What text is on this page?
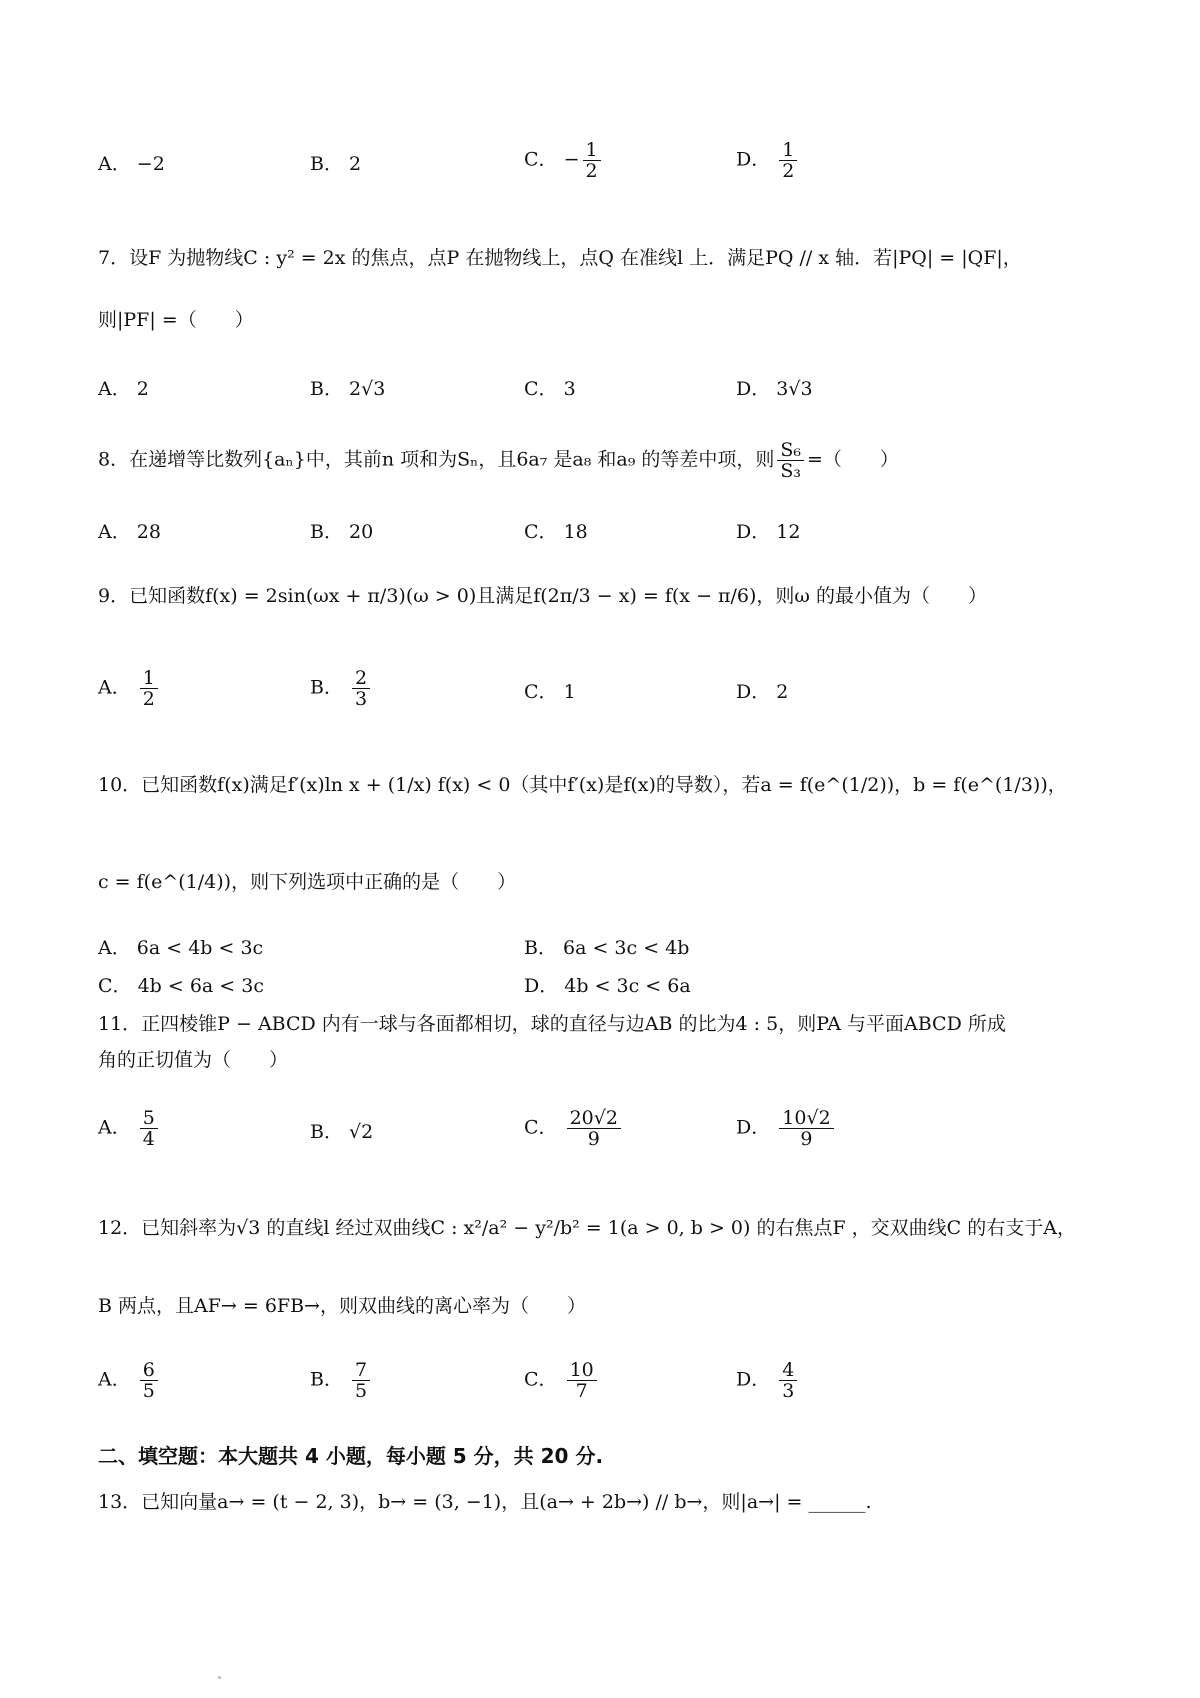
A． −2	B． 2	C． − $\frac{1}{2}$	D． $\frac{1}{2}$
7．设F 为抛物线C : y² = 2x 的焦点，点P 在抛物线上，点Q 在准线l 上．满足PQ // x 轴．若|PQ| = |QF|，
则|PF| =（　　）
A． 2	B． 2√3	C． 3	D． 3√3
8．在递增等比数列{aₙ}中，其前n 项和为Sₙ，且6a₇ 是a₈ 和a₉ 的等差中项，则 $\frac{\text{S₆}}{\text{S₃}}$ =（　　）
A． 28	B． 20	C． 18	D． 12
9．已知函数f(x) = 2sin(ωx + π/3)(ω > 0)且满足f(2π/3 − x) = f(x − π/6)，则ω 的最小值为（　　）
A． $\frac{1}{2}$	B． $\frac{2}{3}$	C． 1	D． 2
10．已知函数f(x)满足f′(x)ln x + (1/x) f(x) < 0（其中f′(x)是f(x)的导数），若a = f(e^(1/2))，b = f(e^(1/3))，
c = f(e^(1/4))，则下列选项中正确的是（　　）
A． 6a < 4b < 3c	B． 6a < 3c < 4b
C． 4b < 6a < 3c	D． 4b < 3c < 6a
11．正四棱锥P − ABCD 内有一球与各面都相切，球的直径与边AB 的比为4 : 5，则PA 与平面ABCD 所成
角的正切值为（　　）
A． $\frac{5}{4}$	B． √2	C． $\frac{20√2}{9}$	D． $\frac{10√2}{9}$
12．已知斜率为√3 的直线l 经过双曲线C : x²/a² − y²/b² = 1(a > 0, b > 0) 的右焦点F ，交双曲线C 的右支于A，
B 两点，且AF→ = 6FB→，则双曲线的离心率为（　　）
A． $\frac{6}{5}$	B． $\frac{7}{5}$	C． $\frac{10}{7}$	D． $\frac{4}{3}$
二、填空题：本大题共 4 小题，每小题 5 分，共 20 分.
13．已知向量a→ = (t − 2, 3)，b→ = (3, −1)，且(a→ + 2b→) // b→，则|a→| = ______.
